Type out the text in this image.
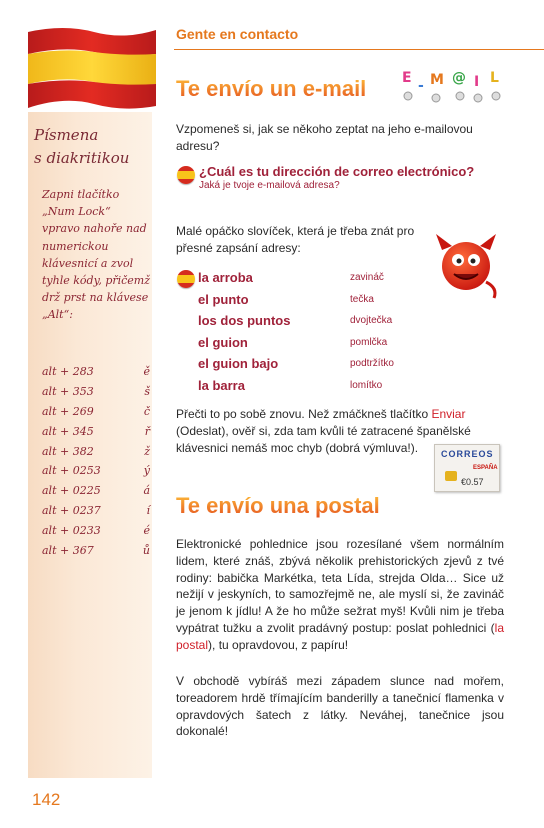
Písmena
s diakritikou
Zapni tlačítko „Num Lock“ vpravo nahoře nad numerickou klávesnicí a zvol tyhle kódy, přičemž drž prst na klávese „Alt“:
alt + 283	ě
alt + 353	š
alt + 269	č
alt + 345	ř
alt + 382	ž
alt + 0253	ý
alt + 0225	á
alt + 0237	í
alt + 0233	é
alt + 367	ů
Gente en contacto
Te envío un e-mail	E - M @ I L
Vzpomeneš si, jak se někoho zeptat na jeho e-mailovou adresu?
¿Cuál es tu dirección de correo electrónico?
Jaká je tvoje e-mailová adresa?
Malé opáčko slovíček, která je třeba znát pro přesné zapsání adresy:
la arroba	zavináč
el punto	tečka
los dos puntos	dvojtečka
el guion	pomlčka
el guion bajo	podtržítko
la barra	lomítko
Přečti to po sobě znovu. Než zmáčkneš tlačítko Enviar (Odeslat), ověř si, zda tam kvůli té zatracené španělské klávesnici nemáš moc chyb (dobrá výmluva!).	CORREOS
ESPAÑA
€0.57
Te envío una postal
Elektronické pohlednice jsou rozesílané všem normálním lidem, které znáš, zbývá několik prehistorických zjevů z tvé rodiny: babička Markétka, teta Lída, strejda Olda… Sice už nežijí v jeskyních, to samozřejmě ne, ale myslí si, že zavináč je jenom k jídlu! A že ho může sežrat myš! Kvůli nim je třeba vypátrat tužku a zvolit pradávný postup: poslat pohlednici (la postal), tu opravdovou, z papíru!
V obchodě vybíráš mezi západem slunce nad mořem, toreadorem hrdě třímajícím banderilly a tanečnicí flamenka v opravdových šatech z látky. Neváhej, tanečnice jsou dokonalé!
142
